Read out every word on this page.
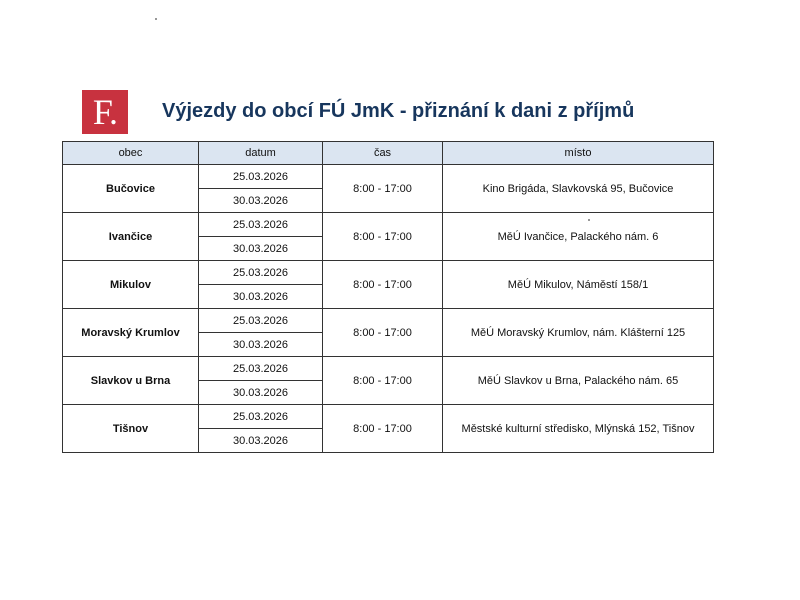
F.	Výjezdy do obcí FÚ JmK - přiznání k dani z příjmů
obec	datum	čas	místo
Bučovice	25.03.2026	8:00 - 17:00	Kino Brigáda, Slavkovská 95, Bučovice
	30.03.2026		
Ivančice	25.03.2026	8:00 - 17:00	MěÚ Ivančice, Palackého nám. 6
	30.03.2026		
Mikulov	25.03.2026	8:00 - 17:00	MěÚ Mikulov, Náměstí 158/1
	30.03.2026		
Moravský Krumlov	25.03.2026	8:00 - 17:00	MěÚ Moravský Krumlov, nám. Klášterní 125
	30.03.2026		
Slavkov u Brna	25.03.2026	8:00 - 17:00	MěÚ Slavkov u Brna, Palackého nám. 65
	30.03.2026		
Tišnov	25.03.2026	8:00 - 17:00	Městské kulturní středisko, Mlýnská 152, Tišnov
	30.03.2026		
